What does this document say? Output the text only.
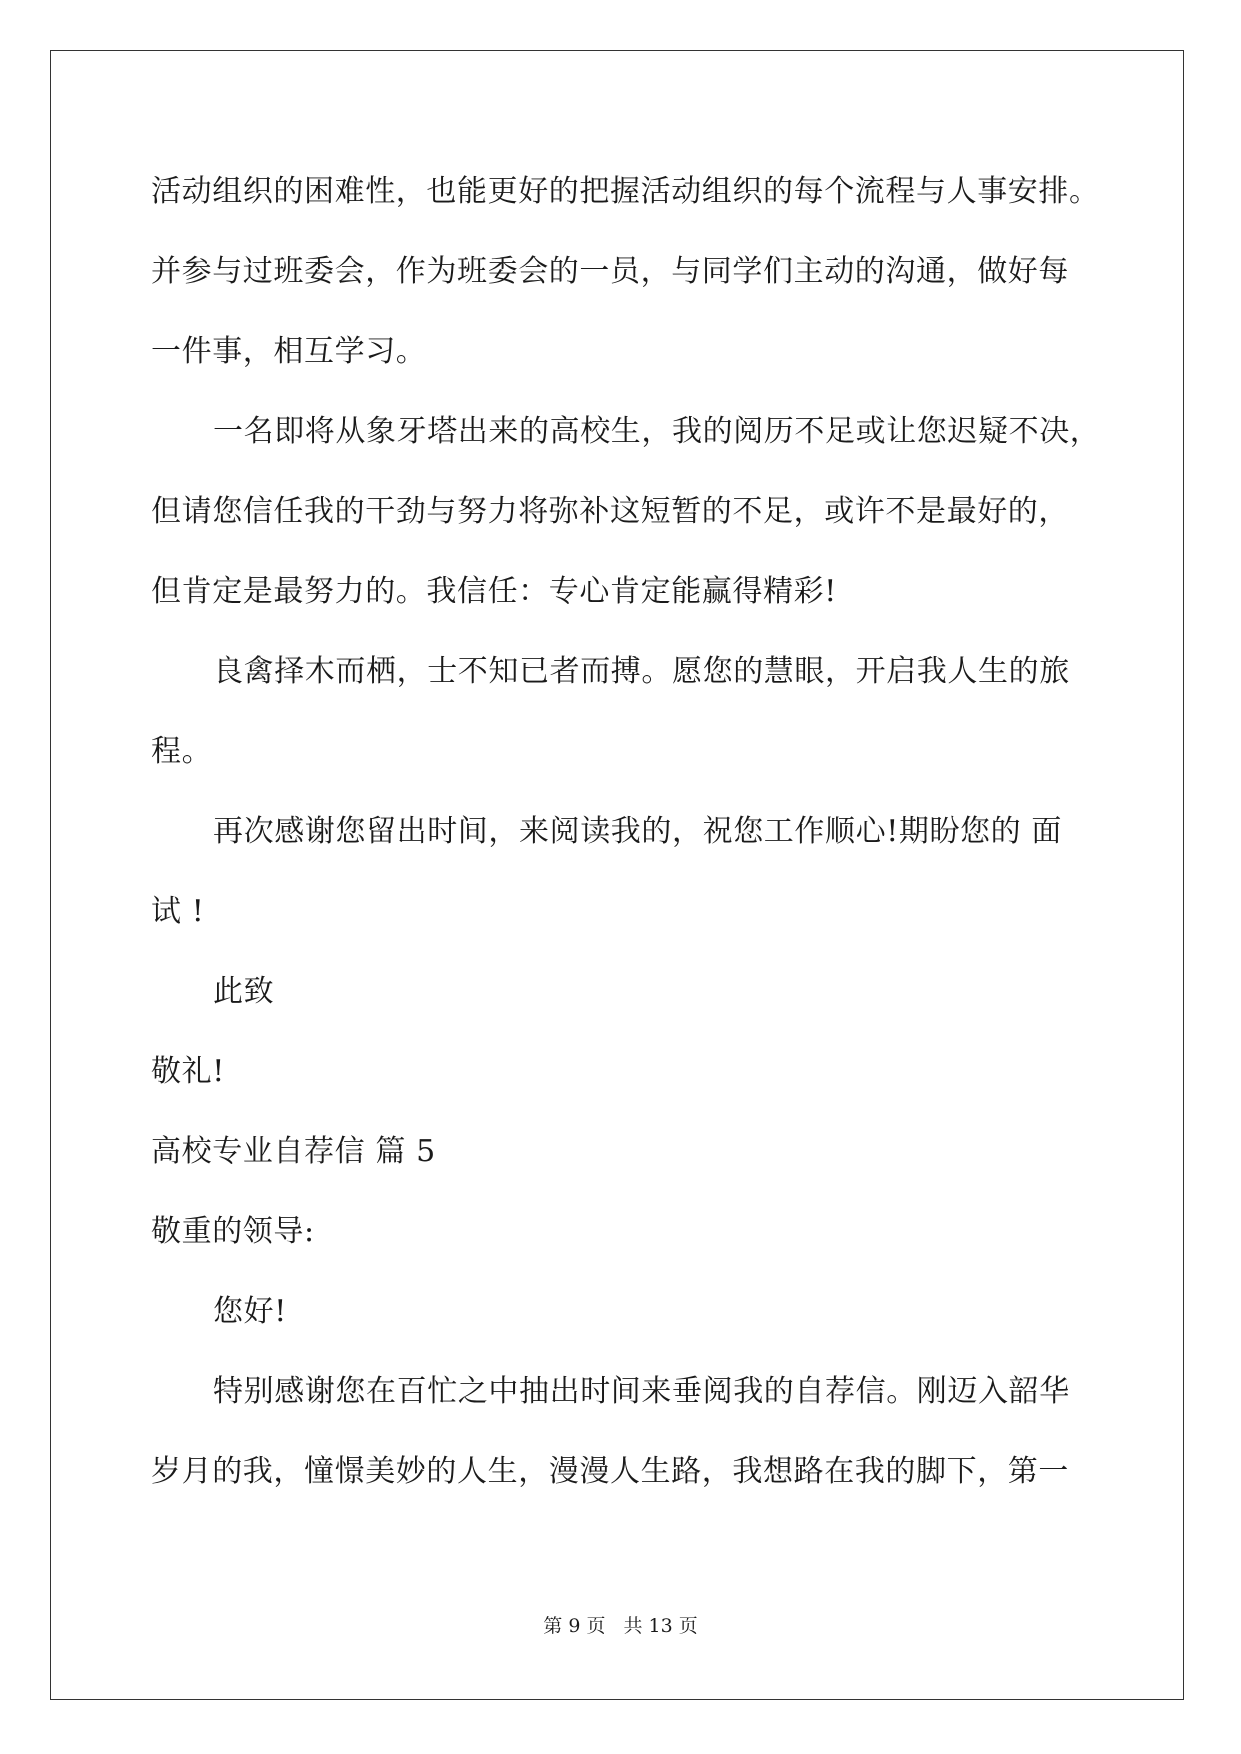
活动组织的困难性，也能更好的把握活动组织的每个流程与人事安排。
并参与过班委会，作为班委会的一员，与同学们主动的沟通，做好每
一件事，相互学习。
一名即将从象牙塔出来的高校生，我的阅历不足或让您迟疑不决，
但请您信任我的干劲与努力将弥补这短暂的不足，或许不是最好的，
但肯定是最努力的。我信任：专心肯定能赢得精彩!
良禽择木而栖，士不知已者而搏。愿您的慧眼，开启我人生的旅
程。
再次感谢您留出时间，来阅读我的，祝您工作顺心!期盼您的 面
试 !
此致
敬礼!
高校专业自荐信 篇 5
敬重的领导:
您好!
特别感谢您在百忙之中抽出时间来垂阅我的自荐信。刚迈入韶华
岁月的我，憧憬美妙的人生，漫漫人生路，我想路在我的脚下，第一
第 9 页 共 13 页
